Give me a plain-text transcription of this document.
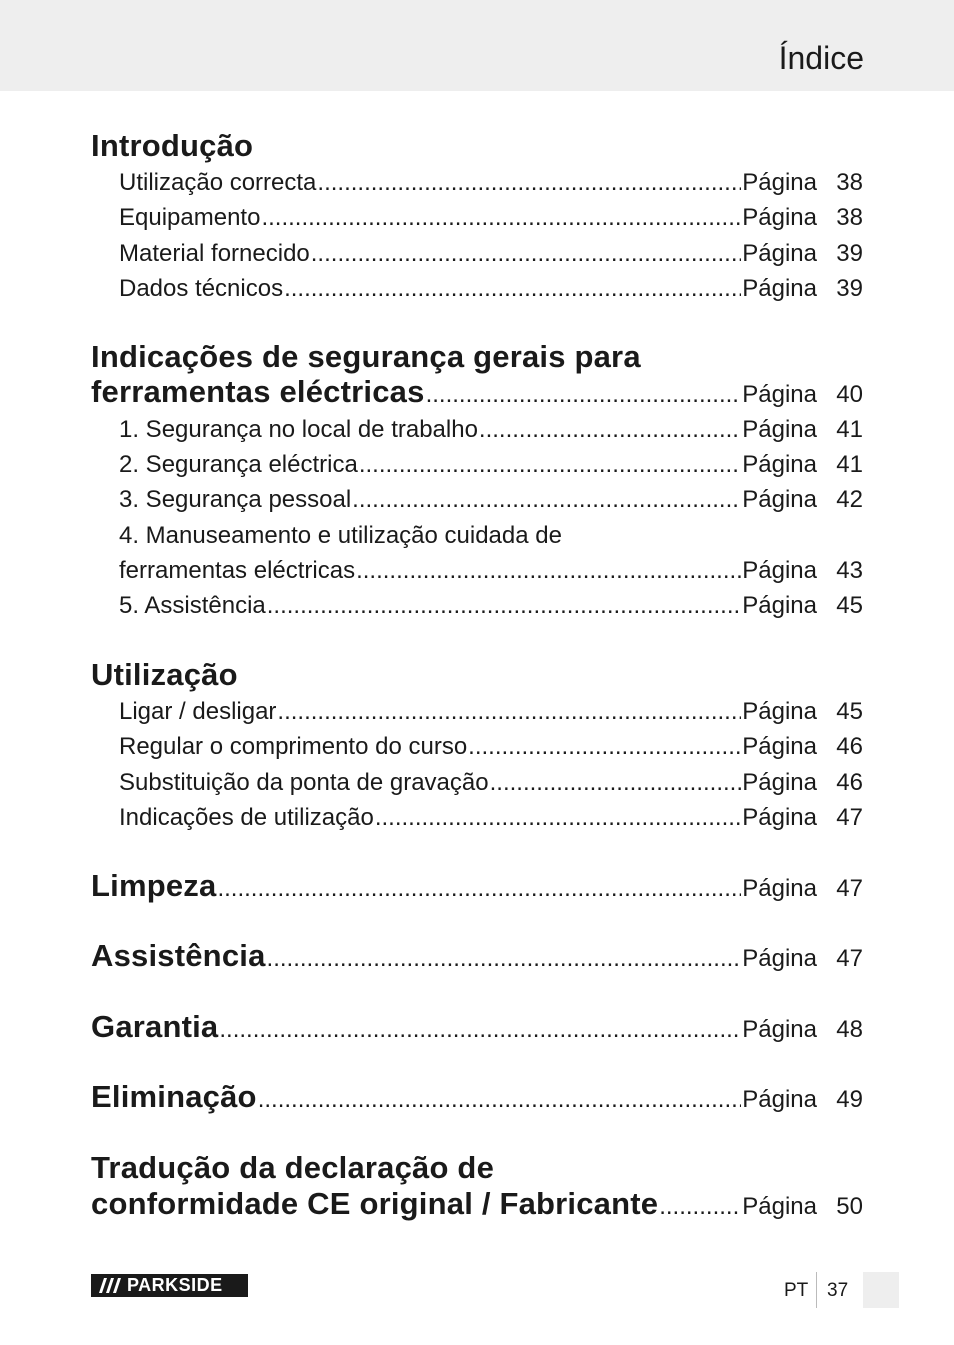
Índice
Introdução
Utilização correcta .....	Página 38
Equipamento .....	Página 38
Material fornecido .....	Página 39
Dados técnicos .....	Página 39
Indicações de segurança gerais para
ferramentas eléctricas .....	Página 40
1. Segurança no local de trabalho .....	Página 41
2. Segurança eléctrica .....	Página 41
3. Segurança pessoal .....	Página 42
4. Manuseamento e utilização cuidada de
ferramentas eléctricas .....	Página 43
5. Assistência .....	Página 45
Utilização
Ligar / desligar .....	Página 45
Regular o comprimento do curso .....	Página 46
Substituição da ponta de gravação .....	Página 46
Indicações de utilização .....	Página 47
Limpeza .....	Página 47
Assistência .....	Página 47
Garantia .....	Página 48
Eliminação .....	Página 49
Tradução da declaração de
conformidade CE original / Fabricante .....	Página 50
PARKSIDE	PT 37
